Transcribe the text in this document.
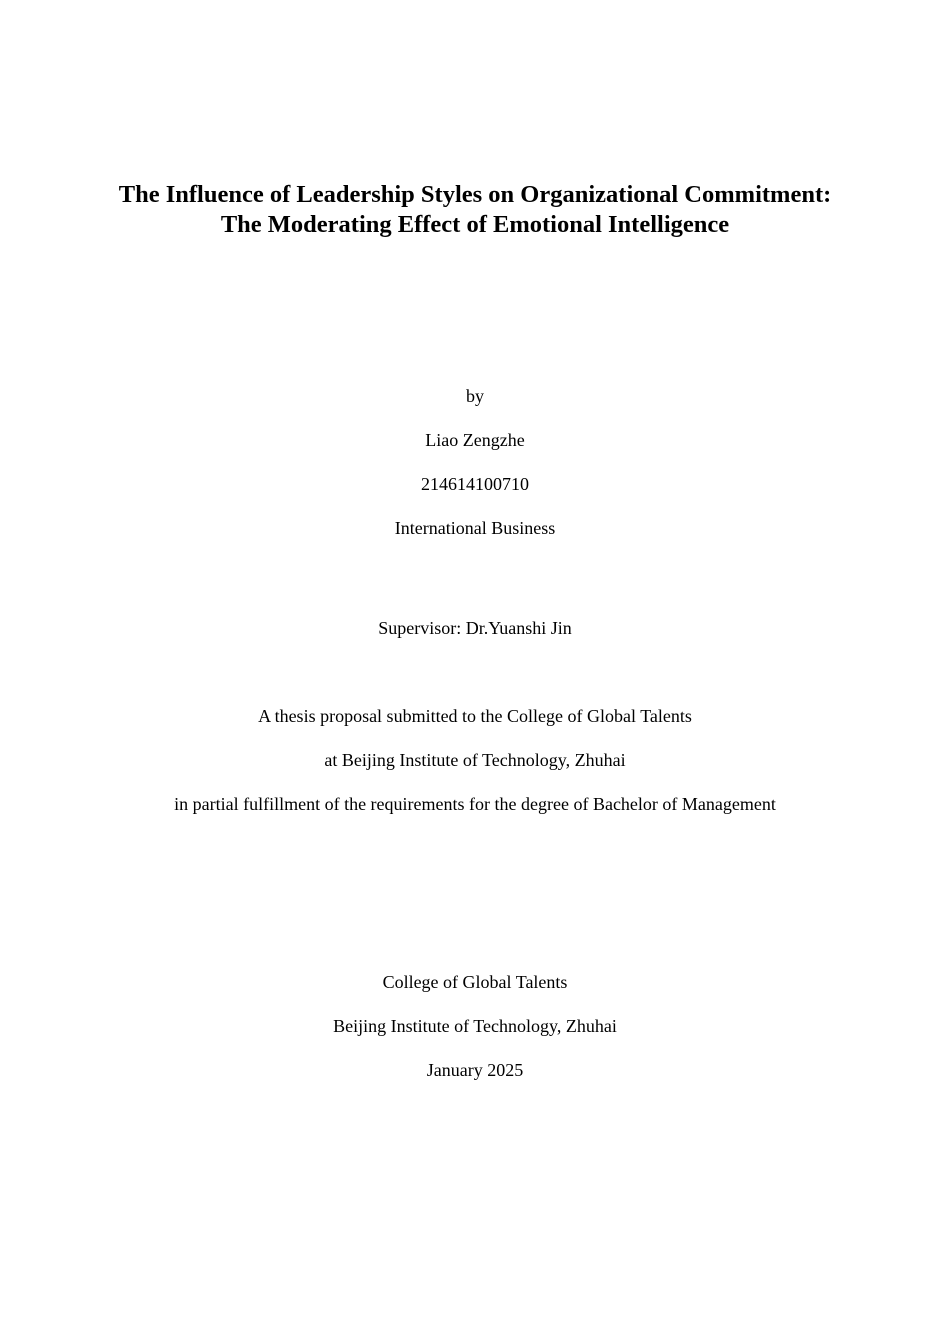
The Influence of Leadership Styles on Organizational Commitment:

The Moderating Effect of Emotional Intelligence

by
Liao Zengzhe
214614100710
International Business
Supervisor: Dr.Yuanshi Jin
A thesis proposal submitted to the College of Global Talents
at Beijing Institute of Technology, Zhuhai
in partial fulfillment of the requirements for the degree of Bachelor of Management
College of Global Talents
Beijing Institute of Technology, Zhuhai
January 2025
